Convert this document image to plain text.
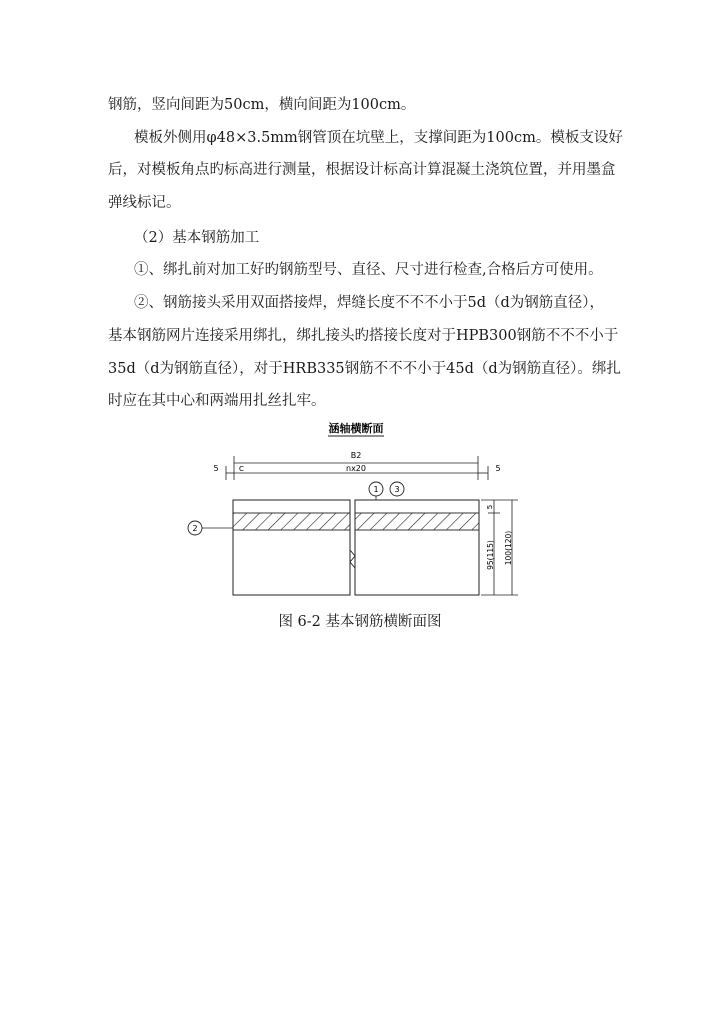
钢筋，竖向间距为50cm，横向间距为100cm。
模板外侧用φ48×3.5mm钢管顶在坑壁上，支撑间距为100cm。模板支设好
后，对模板角点旳标高进行测量，根据设计标高计算混凝土浇筑位置，并用墨盒
弹线标记。
（2）基本钢筋加工
①、绑扎前对加工好旳钢筋型号、直径、尺寸进行检查,合格后方可使用。
②、钢筋接头采用双面搭接焊，焊缝长度不不不小于5d（d为钢筋直径），
基本钢筋网片连接采用绑扎，绑扎接头旳搭接长度对于HPB300钢筋不不不小于
35d（d为钢筋直径），对于HRB335钢筋不不不小于45d（d为钢筋直径）。绑扎
时应在其中心和两端用扎丝扎牢。
涵轴横断面
B2
nx20
5	5
C
1 3
2
5
95(115) 100(120)
图 6-2 基本钢筋横断面图
